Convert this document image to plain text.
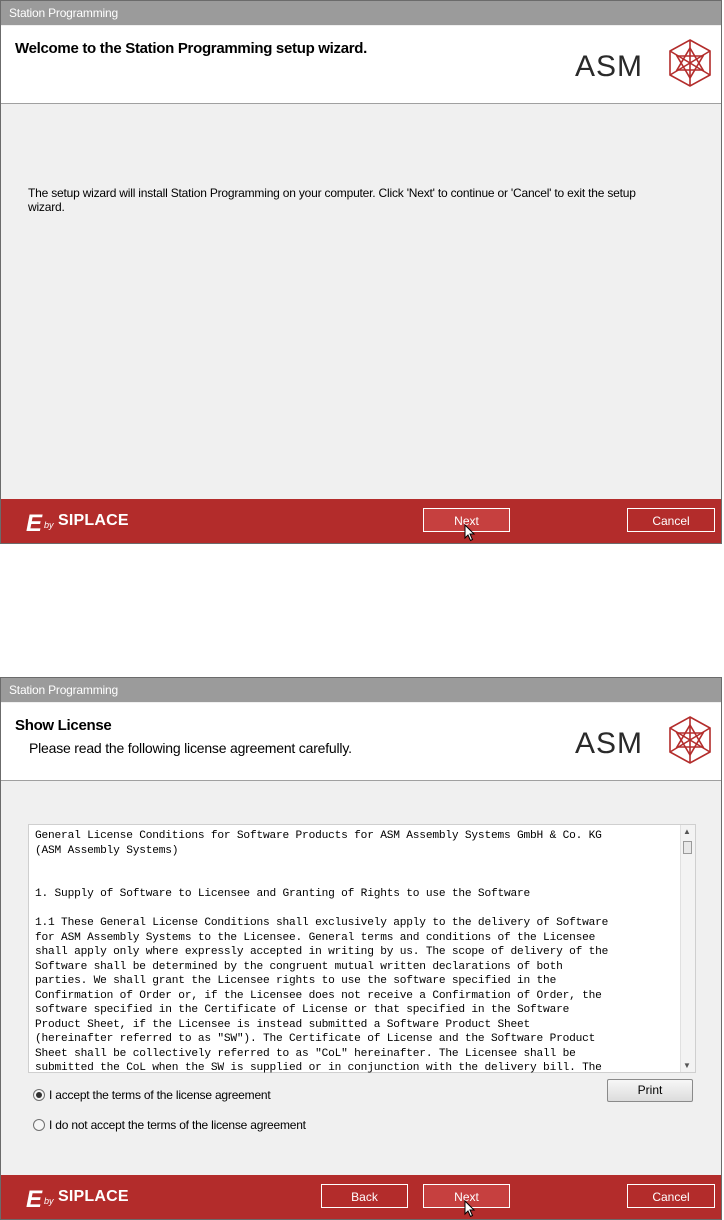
Station Programming
Welcome to the Station Programming setup wizard.
ASM
The setup wizard will install Station Programming on your computer. Click 'Next' to continue or 'Cancel' to exit the setup wizard.
E by SIPLACE	Next	Cancel
Station Programming
Show License
Please read the following license agreement carefully.	ASM
General License Conditions for Software Products for ASM Assembly Systems GmbH & Co. KG
(ASM Assembly Systems)

1. Supply of Software to Licensee and Granting of Rights to use the Software

1.1 These General License Conditions shall exclusively apply to the delivery of Software
for ASM Assembly Systems to the Licensee. General terms and conditions of the Licensee
shall apply only where expressly accepted in writing by us. The scope of delivery of the
Software shall be determined by the congruent mutual written declarations of both
parties. We shall grant the Licensee rights to use the software specified in the
Confirmation of Order or, if the Licensee does not receive a Confirmation of Order, the
software specified in the Certificate of License or that specified in the Software
Product Sheet, if the Licensee is instead submitted a Software Product Sheet
(hereinafter referred to as "SW"). The Certificate of License and the Software Product
Sheet shall be collectively referred to as "CoL" hereinafter. The Licensee shall be
submitted the CoL when the SW is supplied or in conjunction with the delivery bill. The
▲
▼
I accept the terms of the license agreement	Print
I do not accept the terms of the license agreement
E by SIPLACE	Back	Next	Cancel
